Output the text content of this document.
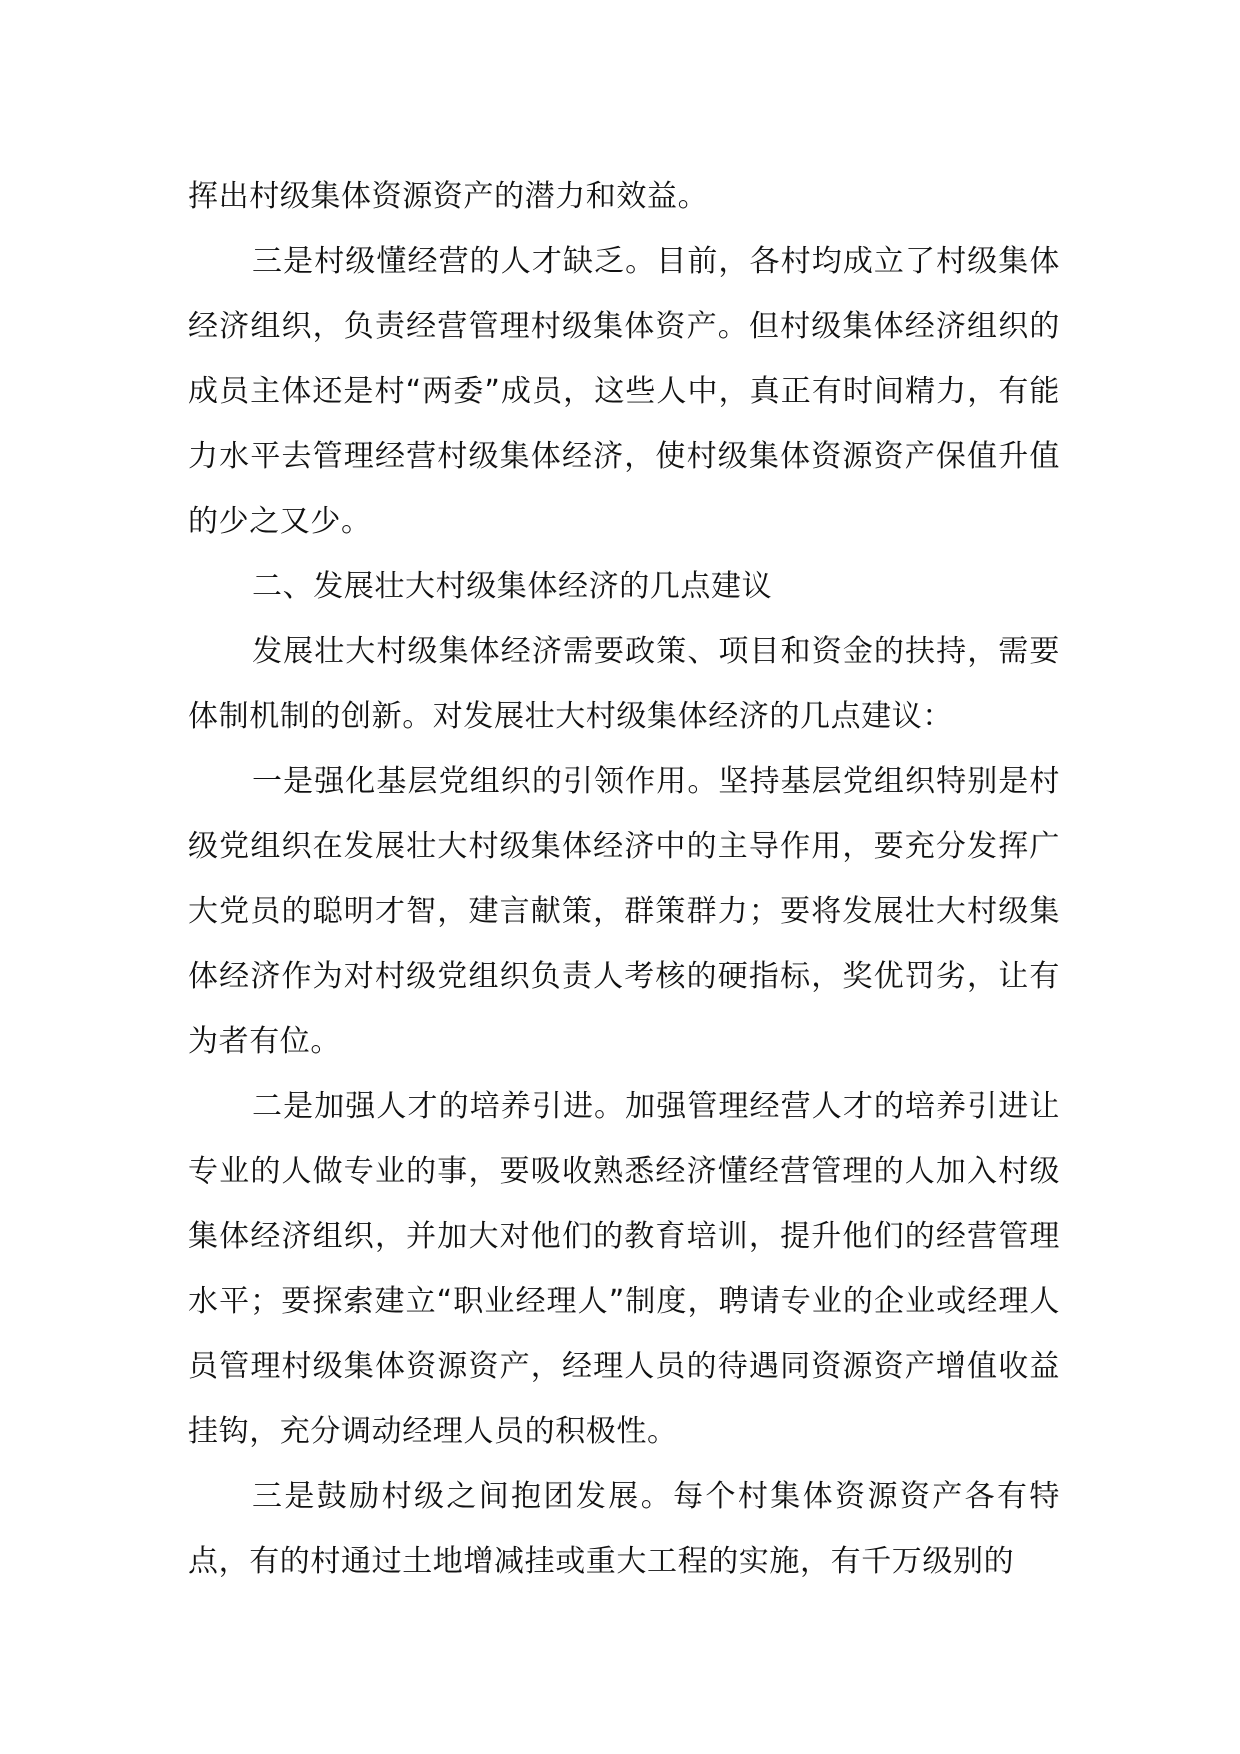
挥出村级集体资源资产的潜力和效益。

三是村级懂经营的人才缺乏。目前，各村均成立了村级集体经济组织，负责经营管理村级集体资产。但村级集体经济组织的成员主体还是村“两委”成员，这些人中，真正有时间精力，有能力水平去管理经营村级集体经济，使村级集体资源资产保值升值的少之又少。

二、发展壮大村级集体经济的几点建议

发展壮大村级集体经济需要政策、项目和资金的扶持，需要体制机制的创新。对发展壮大村级集体经济的几点建议：

一是强化基层党组织的引领作用。坚持基层党组织特别是村级党组织在发展壮大村级集体经济中的主导作用，要充分发挥广大党员的聪明才智，建言献策，群策群力；要将发展壮大村级集体经济作为对村级党组织负责人考核的硬指标，奖优罚劣，让有为者有位。

二是加强人才的培养引进。加强管理经营人才的培养引进让专业的人做专业的事，要吸收熟悉经济懂经营管理的人加入村级集体经济组织，并加大对他们的教育培训，提升他们的经营管理水平；要探索建立“职业经理人”制度，聘请专业的企业或经理人员管理村级集体资源资产，经理人员的待遇同资源资产增值收益挂钩，充分调动经理人员的积极性。

三是鼓励村级之间抱团发展。每个村集体资源资产各有特点，有的村通过土地增减挂或重大工程的实施，有千万级别的
